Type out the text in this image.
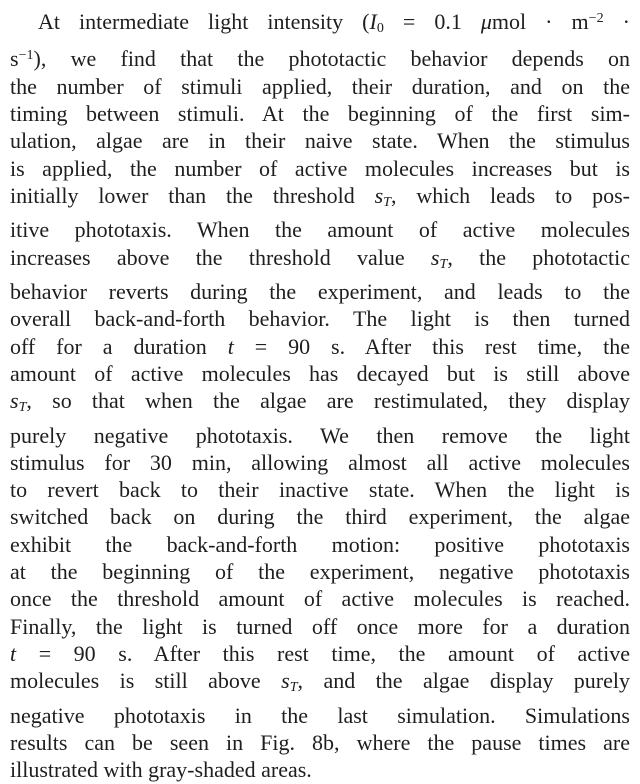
At intermediate light intensity ($I_0 = 0.1$ $\mu mol \cdot m^{-2}$ ·
$s^{-1}$), we find that the phototactic behavior depends on
the number of stimuli applied, their duration, and on the
timing between stimuli. At the beginning of the first sim-
ulation, algae are in their naive state. When the stimulus
is applied, the number of active molecules increases but is
initially lower than the threshold sT, which leads to pos-
itive phototaxis. When the amount of active molecules
increases above the threshold value sT, the phototactic
behavior reverts during the experiment, and leads to the
overall back-and-forth behavior. The light is then turned
off for a duration t = 90 s. After this rest time, the
amount of active molecules has decayed but is still above
sT, so that when the algae are restimulated, they display
purely negative phototaxis. We then remove the light
stimulus for 30 min, allowing almost all active molecules
to revert back to their inactive state. When the light is
switched back on during the third experiment, the algae
exhibit the back-and-forth motion: positive phototaxis
at the beginning of the experiment, negative phototaxis
once the threshold amount of active molecules is reached.
Finally, the light is turned off once more for a duration
t = 90 s. After this rest time, the amount of active
molecules is still above sT, and the algae display purely
negative phototaxis in the last simulation. Simulations
results can be seen in Fig. 8b, where the pause times are
illustrated with gray-shaded areas.
